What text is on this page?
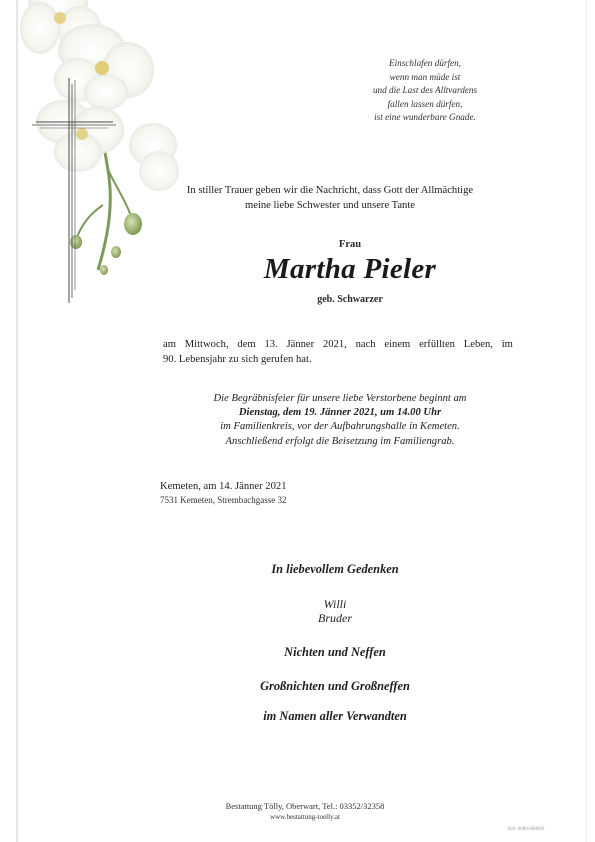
Einschlafen dürfen,
wenn man müde ist
und die Last des Alltvardens
fallen lassen dürfen,
ist eine wunderbare Gnade.
In stiller Trauer geben wir die Nachricht, dass Gott der Allmächtige
meine liebe Schwester und unsere Tante
Frau
Martha Pieler
geb. Schwarzer
am Mittwoch, dem 13. Jänner 2021, nach einem erfüllten Leben, im
90. Lebensjahr zu sich gerufen hat.
Die Begräbnisfeier für unsere liebe Verstorbene beginnt am
Dienstag, dem 19. Jänner 2021, um 14.00 Uhr
im Familienkreis, vor der Aufbahrungshalle in Kemeten.
Anschließend erfolgt die Beisetzung im Familiengrab.
Kemeten, am 14. Jänner 2021
7531 Kemeten, Strembachgasse 32
In liebevollem Gedenken
Willi
Bruder
Nichten und Neffen
Großnichten und Großneffen
im Namen aller Verwandten
Bestattung Tölly, Oberwart, Tel.: 03352/32358
www.bestattung-toelly.at
Ref. 0000-000000
